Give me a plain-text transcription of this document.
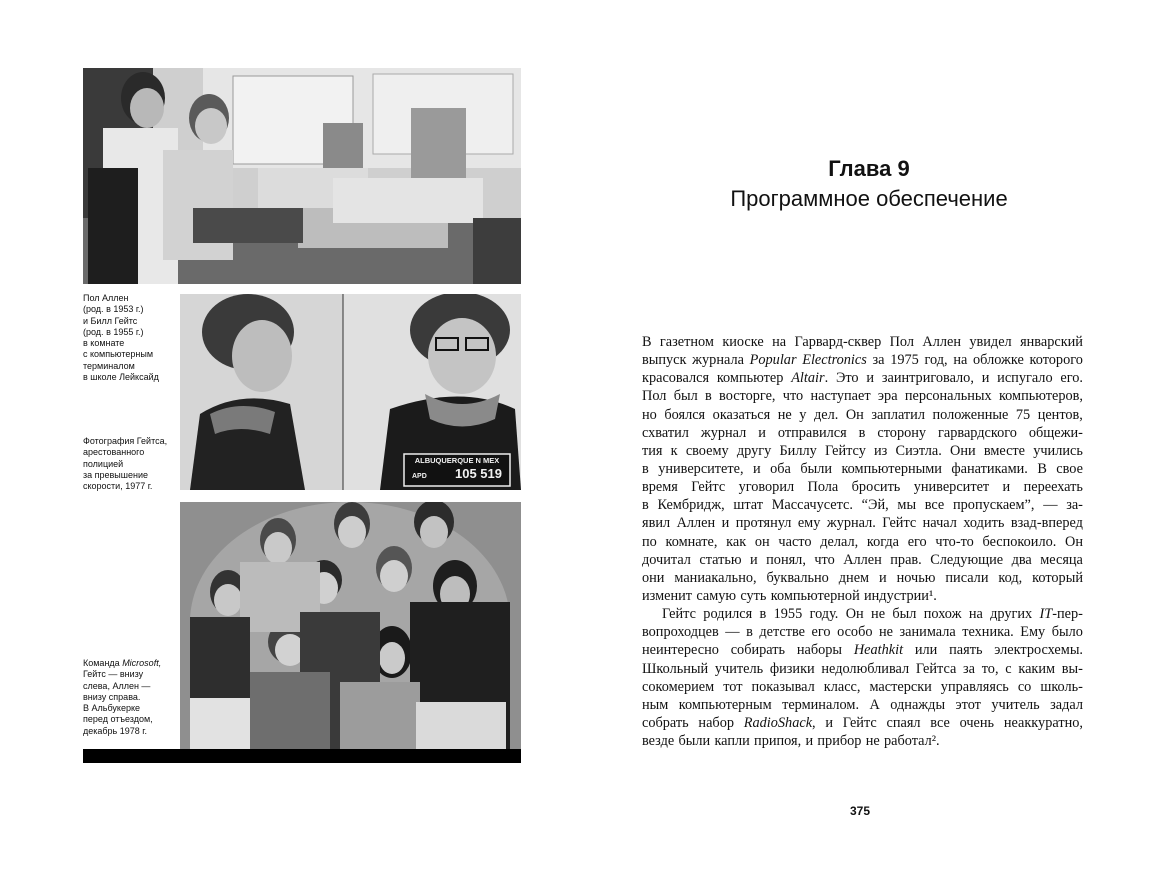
ALBUQUERQUE N MEX
APD 105 519
Пол Аллен
(род. в 1953 г.)
и Билл Гейтс
(род. в 1955 г.)
в комнате
с компьютерным
терминалом
в школе Лейксайд
Фотография Гейтса,
арестованного
полицией
за превышение
скорости, 1977 г.
Команда Microsoft,
Гейтс — внизу
слева, Аллен —
внизу справа.
В Альбукерке
перед отъездом,
декабрь 1978 г.
Глава 9
Программное обеспечение
В газетном киоске на Гарвард-сквер Пол Аллен увидел январский
выпуск журнала Popular Electronics за 1975 год, на обложке которого
красовался компьютер Altair. Это и заинтриговало, и испугало его.
Пол был в восторге, что наступает эра персональных компьютеров,
но боялся оказаться не у дел. Он заплатил положенные 75 центов,
схватил журнал и отправился в сторону гарвардского общежи-
тия к своему другу Биллу Гейтсу из Сиэтла. Они вместе учились
в университете, и оба были компьютерными фанатиками. В свое
время Гейтс уговорил Пола бросить университет и переехать
в Кембридж, штат Массачусетс. “Эй, мы все пропускаем”, — за-
явил Аллен и протянул ему журнал. Гейтс начал ходить взад-вперед
по комнате, как он часто делал, когда его что-то беспокоило. Он
дочитал статью и понял, что Аллен прав. Следующие два месяца
они маниакально, буквально днем и ночью писали код, который
изменит самую суть компьютерной индустрии¹.
Гейтс родился в 1955 году. Он не был похож на других IT-пер-
вопроходцев — в детстве его особо не занимала техника. Ему было
неинтересно собирать наборы Heathkit или паять электросхемы.
Школьный учитель физики недолюбливал Гейтса за то, с каким вы-
сокомерием тот показывал класс, мастерски управляясь со школь-
ным компьютерным терминалом. А однажды этот учитель задал
собрать набор RadioShack, и Гейтс спаял все очень неаккуратно,
везде были капли припоя, и прибор не работал².
375
